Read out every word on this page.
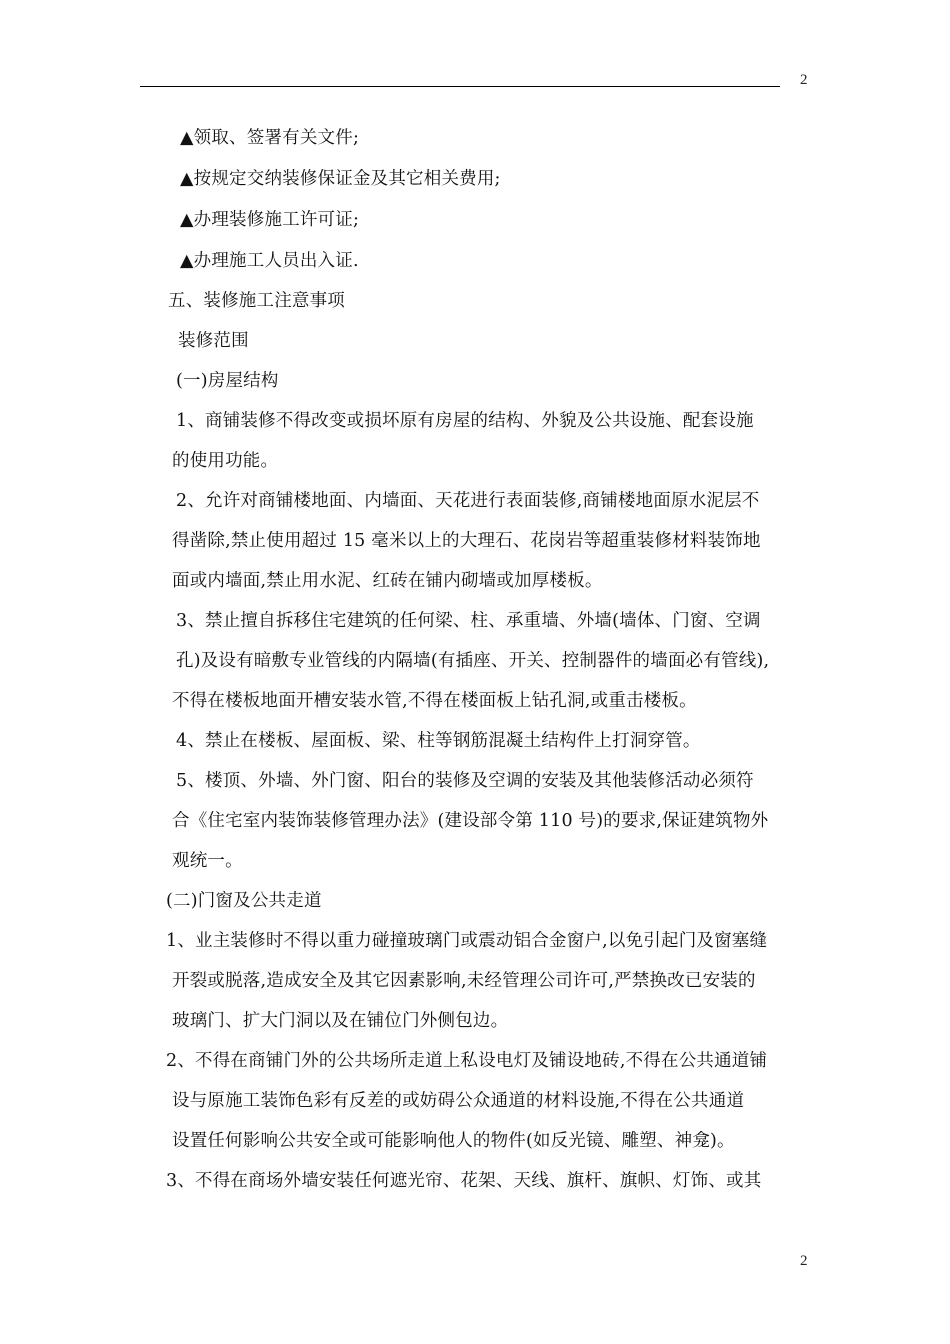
2
▲领取、签署有关文件;
▲按规定交纳装修保证金及其它相关费用;
▲办理装修施工许可证;
▲办理施工人员出入证.
五、装修施工注意事项
装修范围
(一)房屋结构
1、商铺装修不得改变或损坏原有房屋的结构、外貌及公共设施、配套设施
的使用功能。
2、允许对商铺楼地面、内墙面、天花进行表面装修,商铺楼地面原水泥层不
得凿除,禁止使用超过 15 毫米以上的大理石、花岗岩等超重装修材料装饰地
面或内墙面,禁止用水泥、红砖在铺内砌墙或加厚楼板。
3、禁止擅自拆移住宅建筑的任何梁、柱、承重墙、外墙(墙体、门窗、空调
孔)及设有暗敷专业管线的内隔墙(有插座、开关、控制器件的墙面必有管线),
不得在楼板地面开槽安装水管,不得在楼面板上钻孔洞,或重击楼板。
4、禁止在楼板、屋面板、梁、柱等钢筋混凝土结构件上打洞穿管。
5、楼顶、外墙、外门窗、阳台的装修及空调的安装及其他装修活动必须符
合《住宅室内装饰装修管理办法》(建设部令第 110 号)的要求,保证建筑物外
观统一。
(二)门窗及公共走道
1、业主装修时不得以重力碰撞玻璃门或震动铝合金窗户,以免引起门及窗塞缝
开裂或脱落,造成安全及其它因素影响,未经管理公司许可,严禁换改已安装的
玻璃门、扩大门洞以及在铺位门外侧包边。
2、不得在商铺门外的公共场所走道上私设电灯及铺设地砖,不得在公共通道铺
设与原施工装饰色彩有反差的或妨碍公众通道的材料设施,不得在公共通道
设置任何影响公共安全或可能影响他人的物件(如反光镜、雕塑、神龛)。
3、不得在商场外墙安装任何遮光帘、花架、天线、旗杆、旗帜、灯饰、或其
2
